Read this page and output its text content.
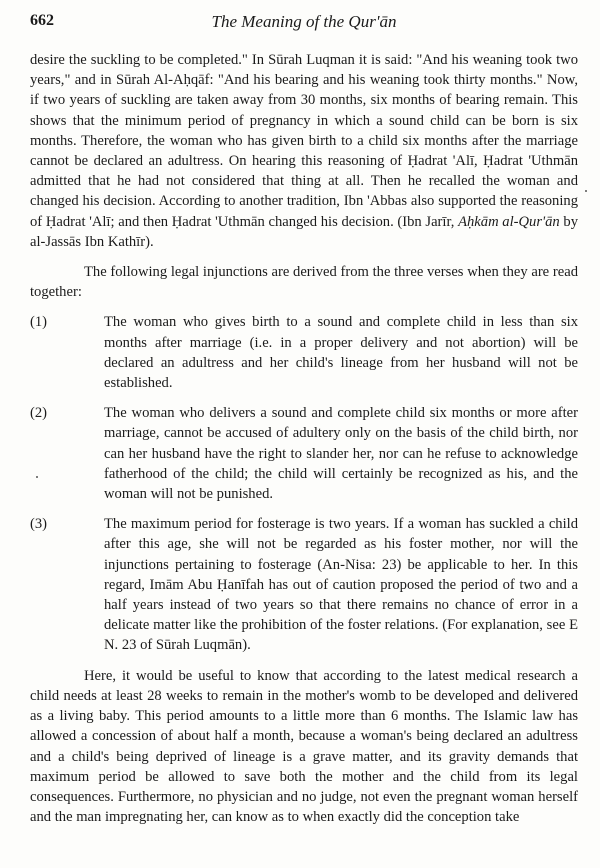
662	The Meaning of the Qur'ān

desire the suckling to be completed." In Sūrah Luqman it is said: "And his weaning took two years," and in Sūrah Al-Aḥqāf: "And his bearing and his weaning took thirty months." Now, if two years of suckling are taken away from 30 months, six months of bearing remain. This shows that the minimum period of pregnancy in which a sound child can be born is six months. Therefore, the woman who has given birth to a child six months after the marriage cannot be declared an adultress. On hearing this reasoning of Ḥadrat 'Alī, Ḥadrat 'Uthmān admitted that he had not considered that thing at all. Then he recalled the woman and changed his decision. According to another tradition, Ibn 'Abbas also supported the reasoning of Ḥadrat 'Alī; and then Ḥadrat 'Uthmān changed his decision. (Ibn Jarīr, Aḥkām al-Qur'ān by al-Jassās Ibn Kathīr).

The following legal injunctions are derived from the three verses when they are read together:

(1)	The woman who gives birth to a sound and complete child in less than six months after marriage (i.e. in a proper delivery and not abortion) will be declared an adultress and her child's lineage from her husband will not be established.
(2)	The woman who delivers a sound and complete child six months or more after marriage, cannot be accused of adultery only on the basis of the child birth, nor can her husband have the right to slander her, nor can he refuse to acknowledge fatherhood of the child; the child will certainly be recognized as his, and the woman will not be punished.
(3)	The maximum period for fosterage is two years. If a woman has suckled a child after this age, she will not be regarded as his foster mother, nor will the injunctions pertaining to fosterage (An-Nisa: 23) be applicable to her. In this regard, Imām Abu Ḥanīfah has out of caution proposed the period of two and a half years instead of two years so that there remains no chance of error in a delicate matter like the prohibition of the foster relations. (For explanation, see E N. 23 of Sūrah Luqmān).

Here, it would be useful to know that according to the latest medical research a child needs at least 28 weeks to remain in the mother's womb to be developed and delivered as a living baby. This period amounts to a little more than 6 months. The Islamic law has allowed a concession of about half a month, because a woman's being declared an adultress and a child's being deprived of lineage is a grave matter, and its gravity demands that maximum period be allowed to save both the mother and the child from its legal consequences. Furthermore, no physician and no judge, not even the pregnant woman herself and the man impregnating her, can know as to when exactly did the conception take
